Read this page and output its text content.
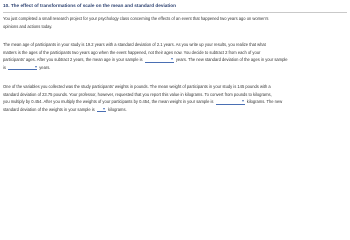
10. The effect of transformations of scale on the mean and standard deviation
You just completed a small research project for your psychology class concerning the effects of an event that happened two years ago on women's
opinions and actions today.
The mean age of participants in your study is 19.2 years with a standard deviation of 2.1 years. As you write up your results, you realize that what
matters is the ages of the participants two years ago when the event happened, not their ages now. You decide to subtract 2 from each of your
participants' ages. After you subtract 2 years, the mean age in your sample is	years. The new standard deviation of the ages in your sample
is	years.
One of the variables you collected was the study participants' weights in pounds. The mean weight of participants in your study is 145 pounds with a
standard deviation of 23.75 pounds. Your professor, however, requested that you report this value in kilograms. To convert from pounds to kilograms,
you multiply by 0.454. After you multiply the weights of your participants by 0.454, the mean weight in your sample is	kilograms. The new
standard deviation of the weights in your sample is	kilograms.
